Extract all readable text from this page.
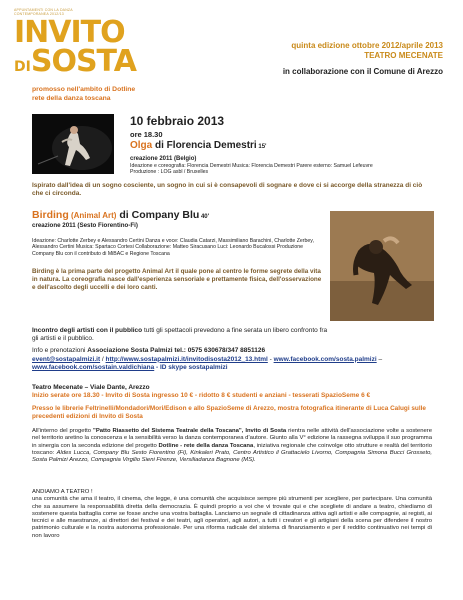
APPUNTAMENTI CON LA DANZA
CONTEMPORANEA 2012/13
INVITO
DISOSTA	quinta edizione ottobre 2012/aprile 2013
TEATRO MECENATE
in collaborazione con il Comune di Arezzo
promosso nell'ambito di Dotline
rete della danza toscana
10 febbraio 2013
ore 18.30
Olga di Florencia Demestri 15'
creazione 2011 (Belgio)
Ideazione e coreografia: Florencia Demestri Musica: Florencia Demestri Parere esterno: Samuel Lefeuvre
Produzione : LOG asbl / Bruxelles
Ispirato dall'idea di un sogno cosciente, un sogno in cui si è consapevoli di sognare e dove ci si accorge della stranezza di ciò che ci circonda.
Birding (Animal Art) di Company Blu 40'
creazione 2011 (Sesto Fiorentino-Fi)
Ideazione: Charlotte Zerbey e Alessandro Certini Danza e voce: Claudia Catarzi, Massimiliano Barachini, Charlotte Zerbey, Alessandro Certini Musica: Spartaco Cortesi Collaborazione: Matteo Siracusano Luci: Leonardo Bucalossi Produzione Company Blu con il contributo di MiBAC e Regione Toscana
Birding è la prima parte del progetto Animal Art il quale pone al centro le forme segrete della vita in natura. La coreografia nasce dall'esperienza sensoriale e prettamente fisica, dell'osservazione e dell'ascolto degli uccelli e dei loro canti.
Incontro degli artisti con il pubblico tutti gli spettacoli prevedono a fine serata un libero confronto fra gli artisti e il pubblico.
Info e prenotazioni Associazione Sosta Palmizi tel.: 0575 630678/347 8851126
event@sostapalmizi.it / http://www.sostapalmizi.it/invitodisosta2012_13.html - www.facebook.com/sosta.palmizi – www.facebook.com/sostain.valdichiana - ID skype sostapalmizi
Teatro Mecenate – Viale Dante, Arezzo
Inizio serate ore 18.30 - Invito di Sosta ingresso 10 € - ridotto 8 € studenti e anziani - tesserati SpazioSeme 6 €
Presso le librerie Feltrinelli/Mondadori/Mori/Edison e allo SpazioSeme di Arezzo, mostra fotografica itinerante di Luca Calugi sulle precedenti edizioni di Invito di Sosta
All'interno del progetto "Patto Riassetto del Sistema Teatrale della Toscana", Invito di Sosta rientra nelle attività dell'associazione volte a sostenere nel territorio aretino la conoscenza e la sensibilità verso la danza contemporanea d'autore. Giunto alla V° edizione la rassegna sviluppa il suo programma in sinergia con la seconda edizione del progetto Dotline - rete della danza Toscana, iniziativa regionale che coinvolge otto strutture e realtà del territorio toscano: Aldes Lucca, Company Blu Sesto Fiorentino (Fi), Kinkaleri Prato, Centro Artistico il Grattacielo Livorno, Compagnia Simona Bucci Grosseto, Sosta Palmizi Arezzo, Compagnia Virgilio Sieni Firenze, Versiliadanza Bagnone (MS).
ANDIAMO A TEATRO !
una comunità che ama il teatro, il cinema, che legge, è una comunità che acquisisce sempre più strumenti per scegliere, per partecipare. Una comunità che sa assumere la responsabilità diretta della democrazia. È quindi proprio a voi che vi trovate qui e che scegliete di andare a teatro, chiediamo di sostenere questa battaglia come se fosse anche una vostra battaglia. Lanciamo un segnale di cittadinanza attiva agli artisti e alle compagnie, ai registi, ai tecnici e alle maestranze, ai direttori dei festival e dei teatri, agli operatori, agli autori, a tutti i creatori e gli artigiani della scena per difendere il nostro patrimonio culturale e la nostra autonoma professionale. Per una riforma radicale del sistema di finanziamento e per il reddito continuativo nei tempi di non lavoro
